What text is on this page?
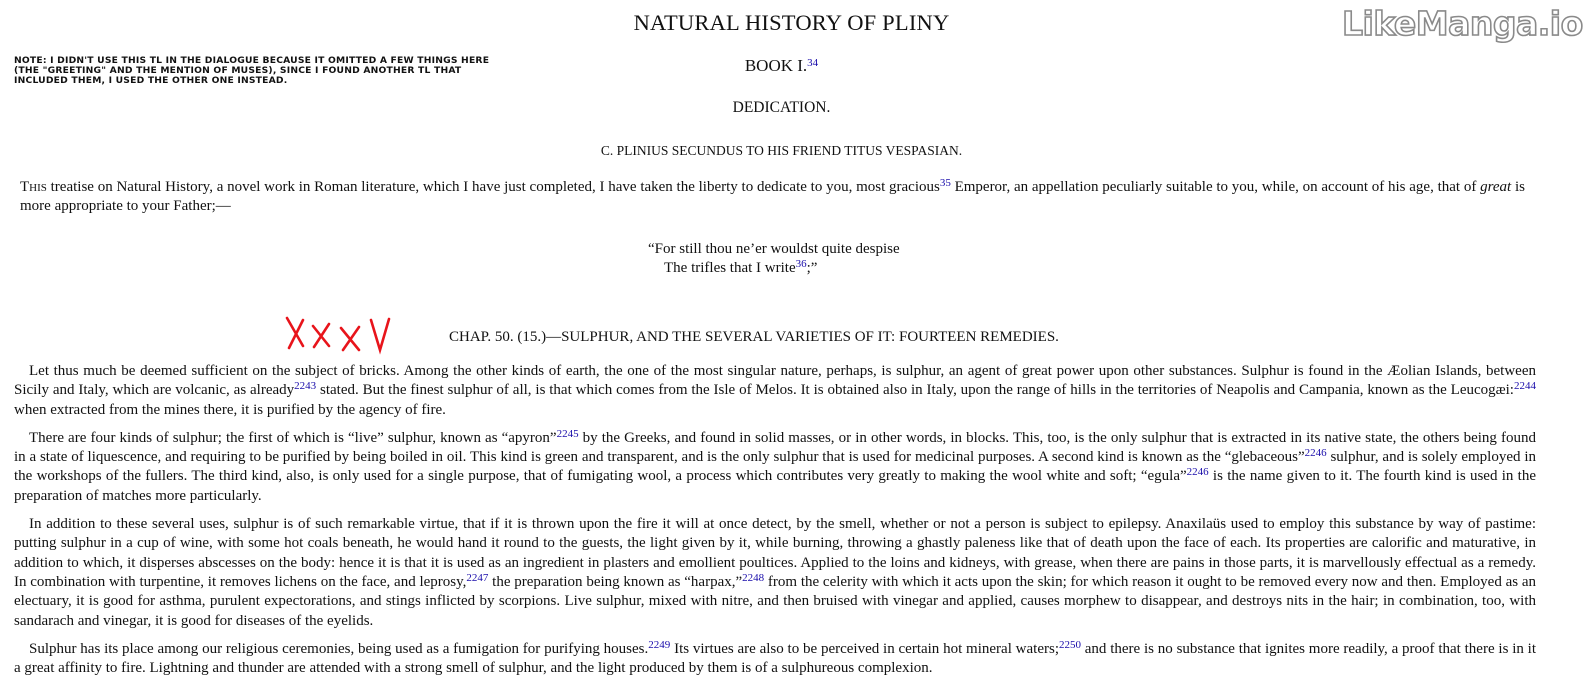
LikeManga.io
NOTE: I DIDN'T USE THIS TL IN THE DIALOGUE BECAUSE IT OMITTED A FEW THINGS HERE (THE "GREETING" AND THE MENTION OF MUSES), SINCE I FOUND ANOTHER TL THAT INCLUDED THEM, I USED THE OTHER ONE INSTEAD.
NATURAL HISTORY OF PLINY
BOOK I.$^{34}$
DEDICATION.
C. PLINIUS SECUNDUS TO HIS FRIEND TITUS VESPASIAN.
This treatise on Natural History, a novel work in Roman literature, which I have just completed, I have taken the liberty to dedicate to you, most gracious$^{35}$ Emperor, an appellation peculiarly suitable to you, while, on account of his age, that of great is more appropriate to your Father;—
“For still thou ne’er wouldst quite despise
The trifles that I write$^{36}$;”
CHAP. 50. (15.)—SULPHUR, AND THE SEVERAL VARIETIES OF IT: FOURTEEN REMEDIES.

Let thus much be deemed sufficient on the subject of bricks. Among the other kinds of earth, the one of the most singular nature, perhaps, is sulphur, an agent of great power upon other substances. Sulphur is found in the Æolian Islands, between Sicily and Italy, which are volcanic, as already$^{2243}$ stated. But the finest sulphur of all, is that which comes from the Isle of Melos. It is obtained also in Italy, upon the range of hills in the territories of Neapolis and Campania, known as the Leucogæi:$^{2244}$ when extracted from the mines there, it is purified by the agency of fire.

There are four kinds of sulphur; the first of which is “live” sulphur, known as “apyron”$^{2245}$ by the Greeks, and found in solid masses, or in other words, in blocks. This, too, is the only sulphur that is extracted in its native state, the others being found in a state of liquescence, and requiring to be purified by being boiled in oil. This kind is green and transparent, and is the only sulphur that is used for medicinal purposes. A second kind is known as the “glebaceous”$^{2246}$ sulphur, and is solely employed in the workshops of the fullers. The third kind, also, is only used for a single purpose, that of fumigating wool, a process which contributes very greatly to making the wool white and soft; “egula”$^{2246}$ is the name given to it. The fourth kind is used in the preparation of matches more particularly.

In addition to these several uses, sulphur is of such remarkable virtue, that if it is thrown upon the fire it will at once detect, by the smell, whether or not a person is subject to epilepsy. Anaxilaüs used to employ this substance by way of pastime: putting sulphur in a cup of wine, with some hot coals beneath, he would hand it round to the guests, the light given by it, while burning, throwing a ghastly paleness like that of death upon the face of each. Its properties are calorific and maturative, in addition to which, it disperses abscesses on the body: hence it is that it is used as an ingredient in plasters and emollient poultices. Applied to the loins and kidneys, with grease, when there are pains in those parts, it is marvellously effectual as a remedy. In combination with turpentine, it removes lichens on the face, and leprosy,$^{2247}$ the preparation being known as “harpax,”$^{2248}$ from the celerity with which it acts upon the skin; for which reason it ought to be removed every now and then. Employed as an electuary, it is good for asthma, purulent expectorations, and stings inflicted by scorpions. Live sulphur, mixed with nitre, and then bruised with vinegar and applied, causes morphew to disappear, and destroys nits in the hair; in combination, too, with sandarach and vinegar, it is good for diseases of the eyelids.

Sulphur has its place among our religious ceremonies, being used as a fumigation for purifying houses.$^{2249}$ Its virtues are also to be perceived in certain hot mineral waters;$^{2250}$ and there is no substance that ignites more readily, a proof that there is in it a great affinity to fire. Lightning and thunder are attended with a strong smell of sulphur, and the light produced by them is of a sulphureous complexion.
